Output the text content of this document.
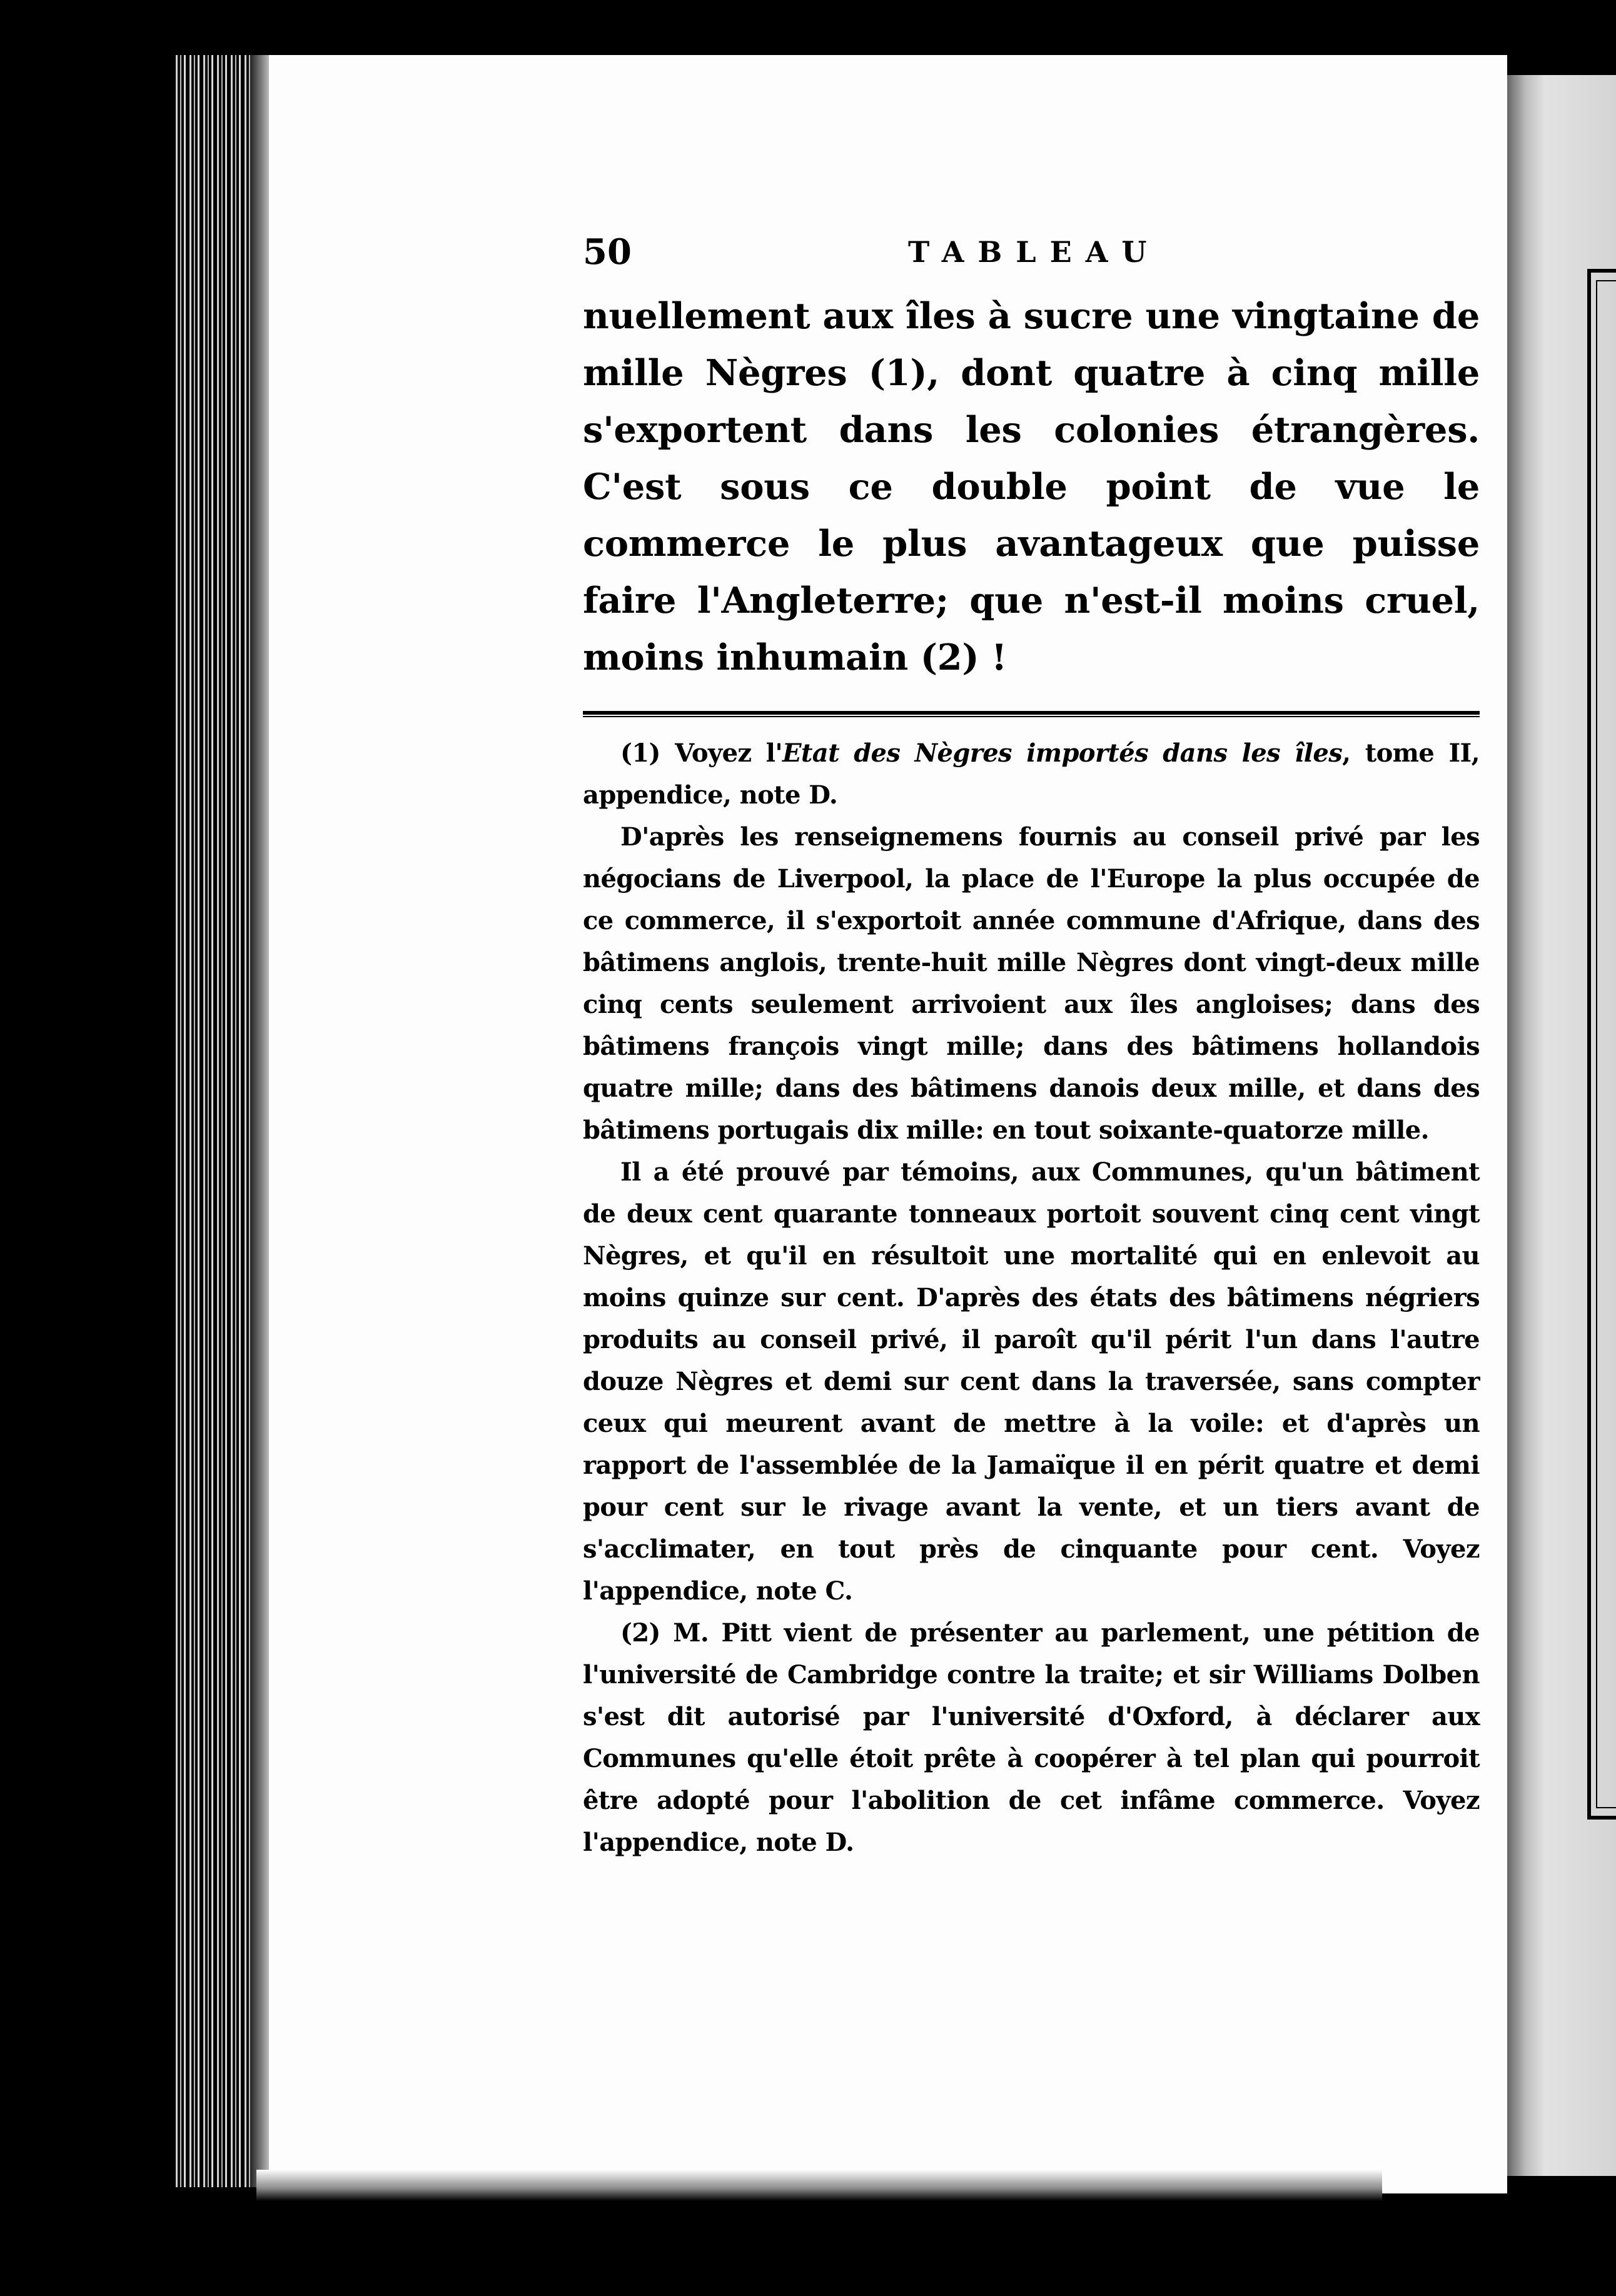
50	TABLEAU

nuellement aux îles à sucre une vingtaine de mille Nègres (1), dont quatre à cinq mille s'exportent dans les colonies étrangères. C'est sous ce double point de vue le commerce le plus avantageux que puisse faire l'Angleterre; que n'est-il moins cruel, moins inhumain (2) !

(1) Voyez l'Etat des Nègres importés dans les îles, tome II, appendice, note D.

D'après les renseignemens fournis au conseil privé par les négocians de Liverpool, la place de l'Europe la plus occupée de ce commerce, il s'exportoit année commune d'Afrique, dans des bâtimens anglois, trente-huit mille Nègres dont vingt-deux mille cinq cents seulement arrivoient aux îles angloises; dans des bâtimens françois vingt mille; dans des bâtimens hollandois quatre mille; dans des bâtimens danois deux mille, et dans des bâtimens portugais dix mille: en tout soixante-quatorze mille.

Il a été prouvé par témoins, aux Communes, qu'un bâtiment de deux cent quarante tonneaux portoit souvent cinq cent vingt Nègres, et qu'il en résultoit une mortalité qui en enlevoit au moins quinze sur cent. D'après des états des bâtimens négriers produits au conseil privé, il paroît qu'il périt l'un dans l'autre douze Nègres et demi sur cent dans la traversée, sans compter ceux qui meurent avant de mettre à la voile: et d'après un rapport de l'assemblée de la Jamaïque il en périt quatre et demi pour cent sur le rivage avant la vente, et un tiers avant de s'acclimater, en tout près de cinquante pour cent. Voyez l'appendice, note C.

(2) M. Pitt vient de présenter au parlement, une pétition de l'université de Cambridge contre la traite; et sir Williams Dolben s'est dit autorisé par l'université d'Oxford, à déclarer aux Communes qu'elle étoit prête à coopérer à tel plan qui pourroit être adopté pour l'abolition de cet infâme commerce. Voyez l'appendice, note D.
